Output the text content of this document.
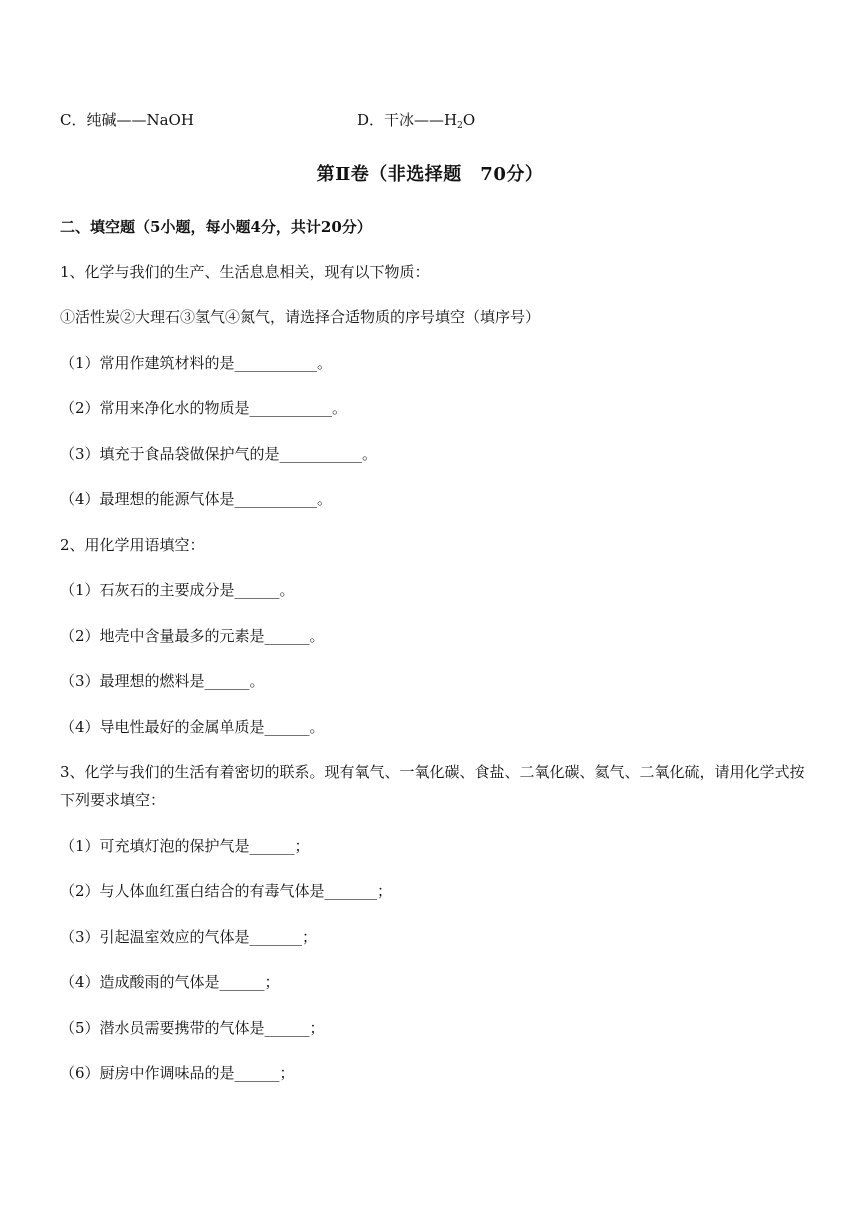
C．纯碱——NaOH	D．干冰$——H_2O$
第Ⅱ卷（非选择题　70分）
二、填空题（5小题，每小题4分，共计20分）
1、化学与我们的生产、生活息息相关，现有以下物质：
①活性炭②大理石③氢气④氮气，请选择合适物质的序号填空（填序号）
（1）常用作建筑材料的是___________。
（2）常用来净化水的物质是___________。
（3）填充于食品袋做保护气的是___________。
（4）最理想的能源气体是___________。
2、用化学用语填空：
（1）石灰石的主要成分是______。
（2）地壳中含量最多的元素是______。
（3）最理想的燃料是______。
（4）导电性最好的金属单质是______。
3、化学与我们的生活有着密切的联系。现有氧气、一氧化碳、食盐、二氧化碳、氦气、二氧化硫，请用化学式按下列要求填空：
（1）可充填灯泡的保护气是______；
（2）与人体血红蛋白结合的有毒气体是_______；
（3）引起温室效应的气体是_______；
（4）造成酸雨的气体是______；
（5）潜水员需要携带的气体是______；
（6）厨房中作调味品的是______；
